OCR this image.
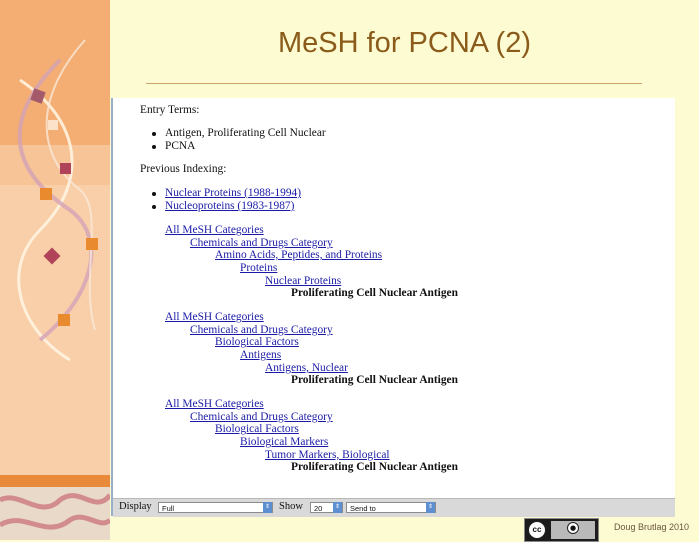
MeSH for PCNA (2)
Entry Terms:
Antigen, Proliferating Cell Nuclear
PCNA
Previous Indexing:
Nuclear Proteins (1988-1994)
Nucleoproteins (1983-1987)
All MeSH Categories
Chemicals and Drugs Category
Amino Acids, Peptides, and Proteins
Proteins
Nuclear Proteins
Proliferating Cell Nuclear Antigen
All MeSH Categories
Chemicals and Drugs Category
Biological Factors
Antigens
Antigens, Nuclear
Proliferating Cell Nuclear Antigen
All MeSH Categories
Chemicals and Drugs Category
Biological Factors
Biological Markers
Tumor Markers, Biological
Proliferating Cell Nuclear Antigen
Display	Full	⇕ Show	20	⇕	Send to	⇕
cc	●	Doug Brutlag 2010
